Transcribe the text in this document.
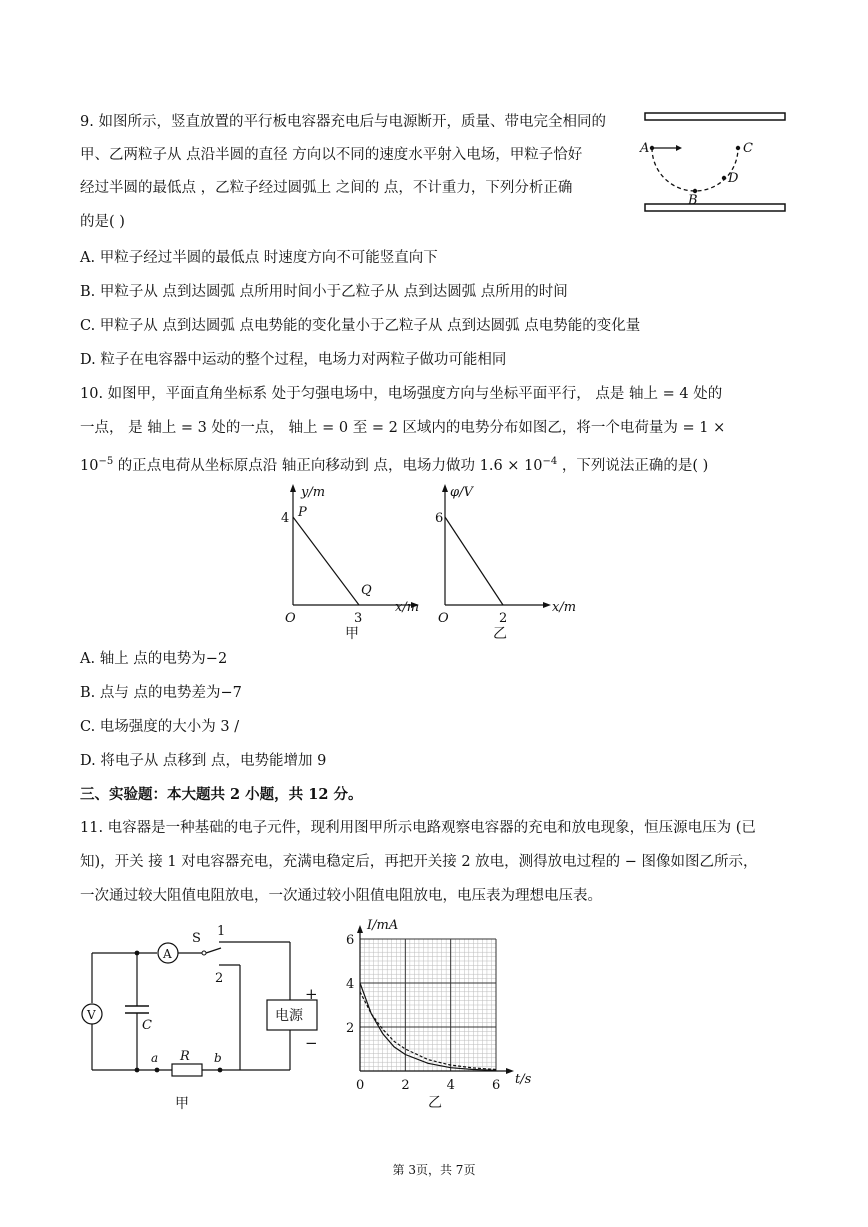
9. 如图所示，竖直放置的平行板电容器充电后与电源断开，质量、带电完全相同的
甲、乙两粒子从 点沿半圆的直径 方向以不同的速度水平射入电场，甲粒子恰好
经过半圆的最低点 ，乙粒子经过圆弧上 之间的 点，不计重力，下列分析正确
的是( )
A
B
C
D
A. 甲粒子经过半圆的最低点 时速度方向不可能竖直向下
B. 甲粒子从 点到达圆弧 点所用时间小于乙粒子从 点到达圆弧 点所用的时间
C. 甲粒子从 点到达圆弧 点电势能的变化量小于乙粒子从 点到达圆弧 点电势能的变化量
D. 粒子在电容器中运动的整个过程，电场力对两粒子做功可能相同
10. 如图甲，平面直角坐标系 处于匀强电场中，电场强度方向与坐标平面平行， 点是 轴上 = 4 处的
一点， 是 轴上 = 3 处的一点， 轴上 = 0 至 = 2 区域内的电势分布如图乙，将一个电荷量为 = 1 ×
$10^{-5}$ 的正点电荷从坐标原点沿 轴正向移动到 点，电场力做功 $1.6 \times 10^{-4}$ ，下列说法正确的是( )
y/m
4 P
Q
O	3
x/m
甲
φ/V
6
O	2
x/m
乙
A. 轴上 点的电势为−2
B. 点与 点的电势差为−7
C. 电场强度的大小为 3 /
D. 将电子从 点移到 点，电势能增加 9
三、实验题：本大题共 2 小题，共 12 分。
11. 电容器是一种基础的电子元件，现利用图甲所示电路观察电容器的充电和放电现象，恒压源电压为 (已
知)，开关 接 1 对电容器充电，充满电稳定后，再把开关接 2 放电，测得放电过程的 − 图像如图乙所示，
一次通过较大阻值电阻放电，一次通过较小阻值电阻放电，电压表为理想电压表。
A
S 1
2
电源
+
−
R
a	b
V
C
甲
I/mA
t/s
6
4
2
0	2	4	6
乙
第 3页，共 7页
